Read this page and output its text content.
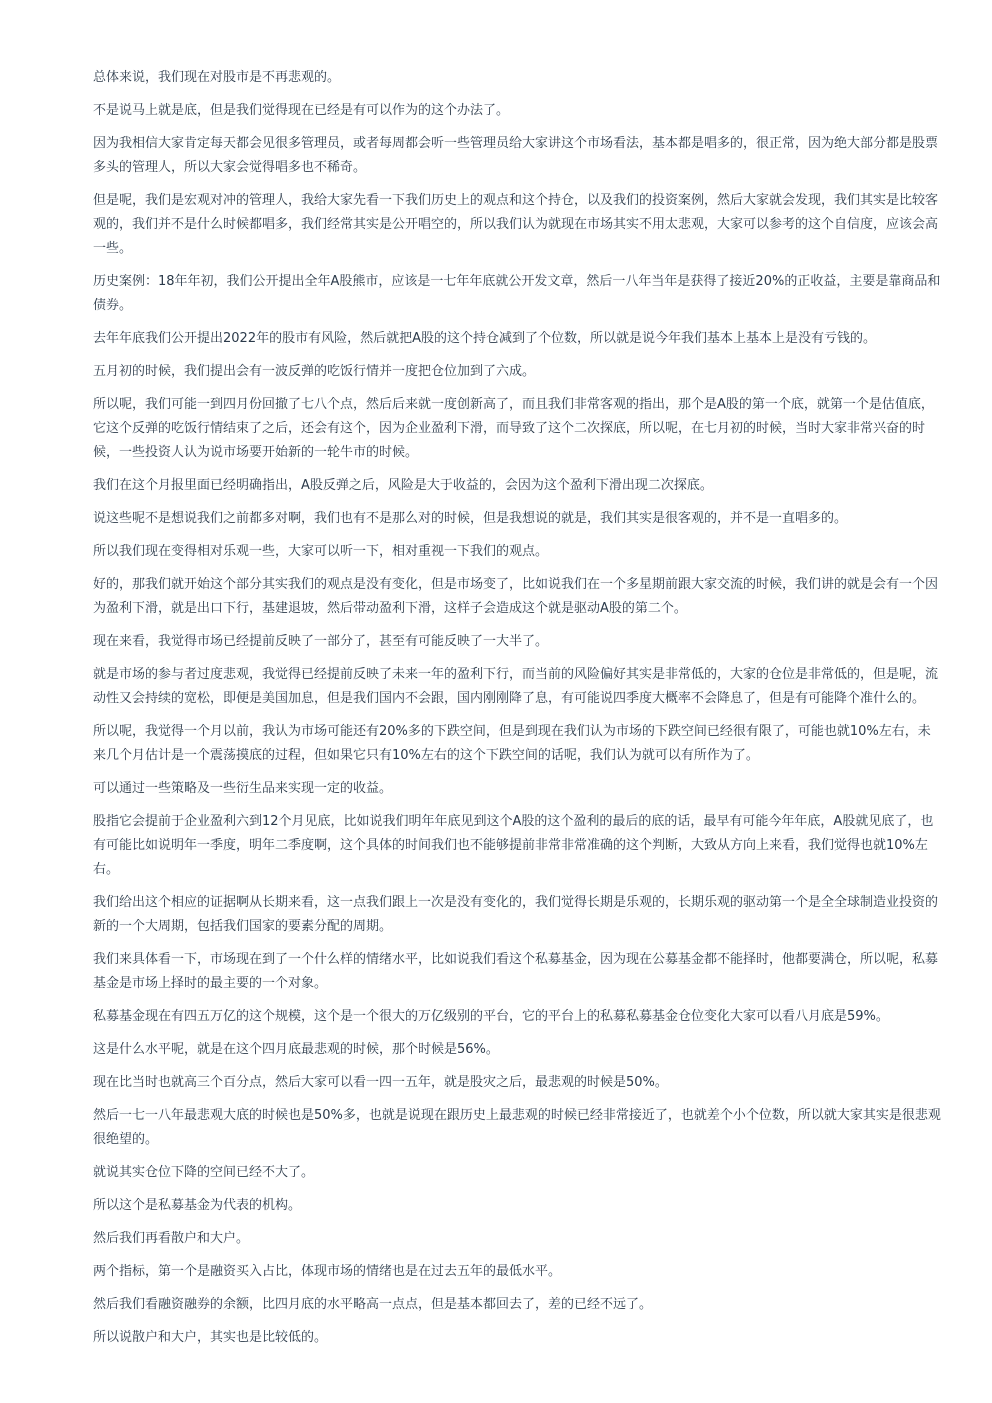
总体来说，我们现在对股市是不再悲观的。

不是说马上就是底，但是我们觉得现在已经是有可以作为的这个办法了。

因为我相信大家肯定每天都会见很多管理员，或者每周都会听一些管理员给大家讲这个市场看法，基本都是唱多的，很正常，因为绝大部分都是股票多头的管理人，所以大家会觉得唱多也不稀奇。

但是呢，我们是宏观对冲的管理人，我给大家先看一下我们历史上的观点和这个持仓，以及我们的投资案例，然后大家就会发现，我们其实是比较客观的，我们并不是什么时候都唱多，我们经常其实是公开唱空的，所以我们认为就现在市场其实不用太悲观，大家可以参考的这个自信度，应该会高一些。

历史案例：18年年初，我们公开提出全年A股熊市，应该是一七年年底就公开发文章，然后一八年当年是获得了接近20%的正收益，主要是靠商品和债券。

去年年底我们公开提出2022年的股市有风险，然后就把A股的这个持仓减到了个位数，所以就是说今年我们基本上基本上是没有亏钱的。

五月初的时候，我们提出会有一波反弹的吃饭行情并一度把仓位加到了六成。

所以呢，我们可能一到四月份回撤了七八个点，然后后来就一度创新高了，而且我们非常客观的指出，那个是A股的第一个底，就第一个是估值底，它这个反弹的吃饭行情结束了之后，还会有这个，因为企业盈利下滑，而导致了这个二次探底，所以呢，在七月初的时候，当时大家非常兴奋的时候，一些投资人认为说市场要开始新的一轮牛市的时候。

我们在这个月报里面已经明确指出，A股反弹之后，风险是大于收益的，会因为这个盈利下滑出现二次探底。

说这些呢不是想说我们之前都多对啊，我们也有不是那么对的时候，但是我想说的就是，我们其实是很客观的，并不是一直唱多的。

所以我们现在变得相对乐观一些，大家可以听一下，相对重视一下我们的观点。

好的，那我们就开始这个部分其实我们的观点是没有变化，但是市场变了，比如说我们在一个多星期前跟大家交流的时候，我们讲的就是会有一个因为盈利下滑，就是出口下行，基建退坡，然后带动盈利下滑，这样子会造成这个就是驱动A股的第二个。

现在来看，我觉得市场已经提前反映了一部分了，甚至有可能反映了一大半了。

就是市场的参与者过度悲观，我觉得已经提前反映了未来一年的盈利下行，而当前的风险偏好其实是非常低的，大家的仓位是非常低的，但是呢，流动性又会持续的宽松，即便是美国加息，但是我们国内不会跟，国内刚刚降了息，有可能说四季度大概率不会降息了，但是有可能降个准什么的。

所以呢，我觉得一个月以前，我认为市场可能还有20%多的下跌空间，但是到现在我们认为市场的下跌空间已经很有限了，可能也就10%左右，未来几个月估计是一个震荡摸底的过程，但如果它只有10%左右的这个下跌空间的话呢，我们认为就可以有所作为了。

可以通过一些策略及一些衍生品来实现一定的收益。

股指它会提前于企业盈利六到12个月见底，比如说我们明年年底见到这个A股的这个盈利的最后的底的话，最早有可能今年年底，A股就见底了，也有可能比如说明年一季度，明年二季度啊，这个具体的时间我们也不能够提前非常非常准确的这个判断，大致从方向上来看，我们觉得也就10%左右。

我们给出这个相应的证据啊从长期来看，这一点我们跟上一次是没有变化的，我们觉得长期是乐观的，长期乐观的驱动第一个是全全球制造业投资的新的一个大周期，包括我们国家的要素分配的周期。

我们来具体看一下，市场现在到了一个什么样的情绪水平，比如说我们看这个私募基金，因为现在公募基金都不能择时，他都要满仓，所以呢，私募基金是市场上择时的最主要的一个对象。

私募基金现在有四五万亿的这个规模，这个是一个很大的万亿级别的平台，它的平台上的私募私募基金仓位变化大家可以看八月底是59%。

这是什么水平呢，就是在这个四月底最悲观的时候，那个时候是56%。

现在比当时也就高三个百分点，然后大家可以看一四一五年，就是股灾之后，最悲观的时候是50%。

然后一七一八年最悲观大底的时候也是50%多，也就是说现在跟历史上最悲观的时候已经非常接近了，也就差个小个位数，所以就大家其实是很悲观很绝望的。

就说其实仓位下降的空间已经不大了。

所以这个是私募基金为代表的机构。

然后我们再看散户和大户。

两个指标，第一个是融资买入占比，体现市场的情绪也是在过去五年的最低水平。

然后我们看融资融券的余额，比四月底的水平略高一点点，但是基本都回去了，差的已经不远了。

所以说散户和大户，其实也是比较低的。
